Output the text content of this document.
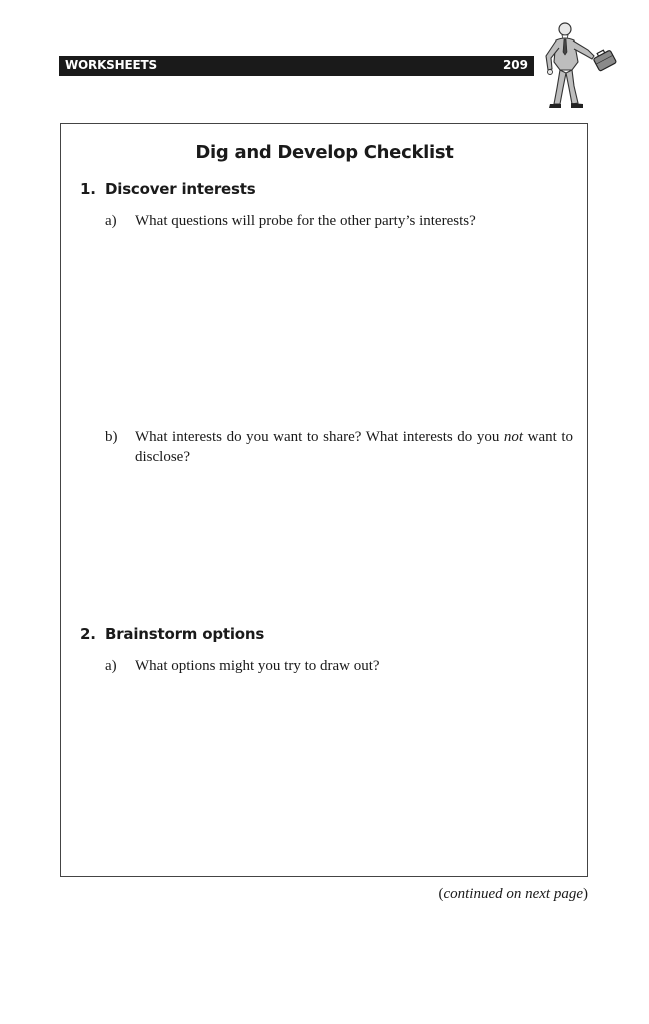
WORKSHEETS	209
Dig and Develop Checklist
1. Discover interests
a) What questions will probe for the other party’s interests?
b) What interests do you want to share? What interests do you not want to disclose?
2. Brainstorm options
a) What options might you try to draw out?
(continued on next page)
